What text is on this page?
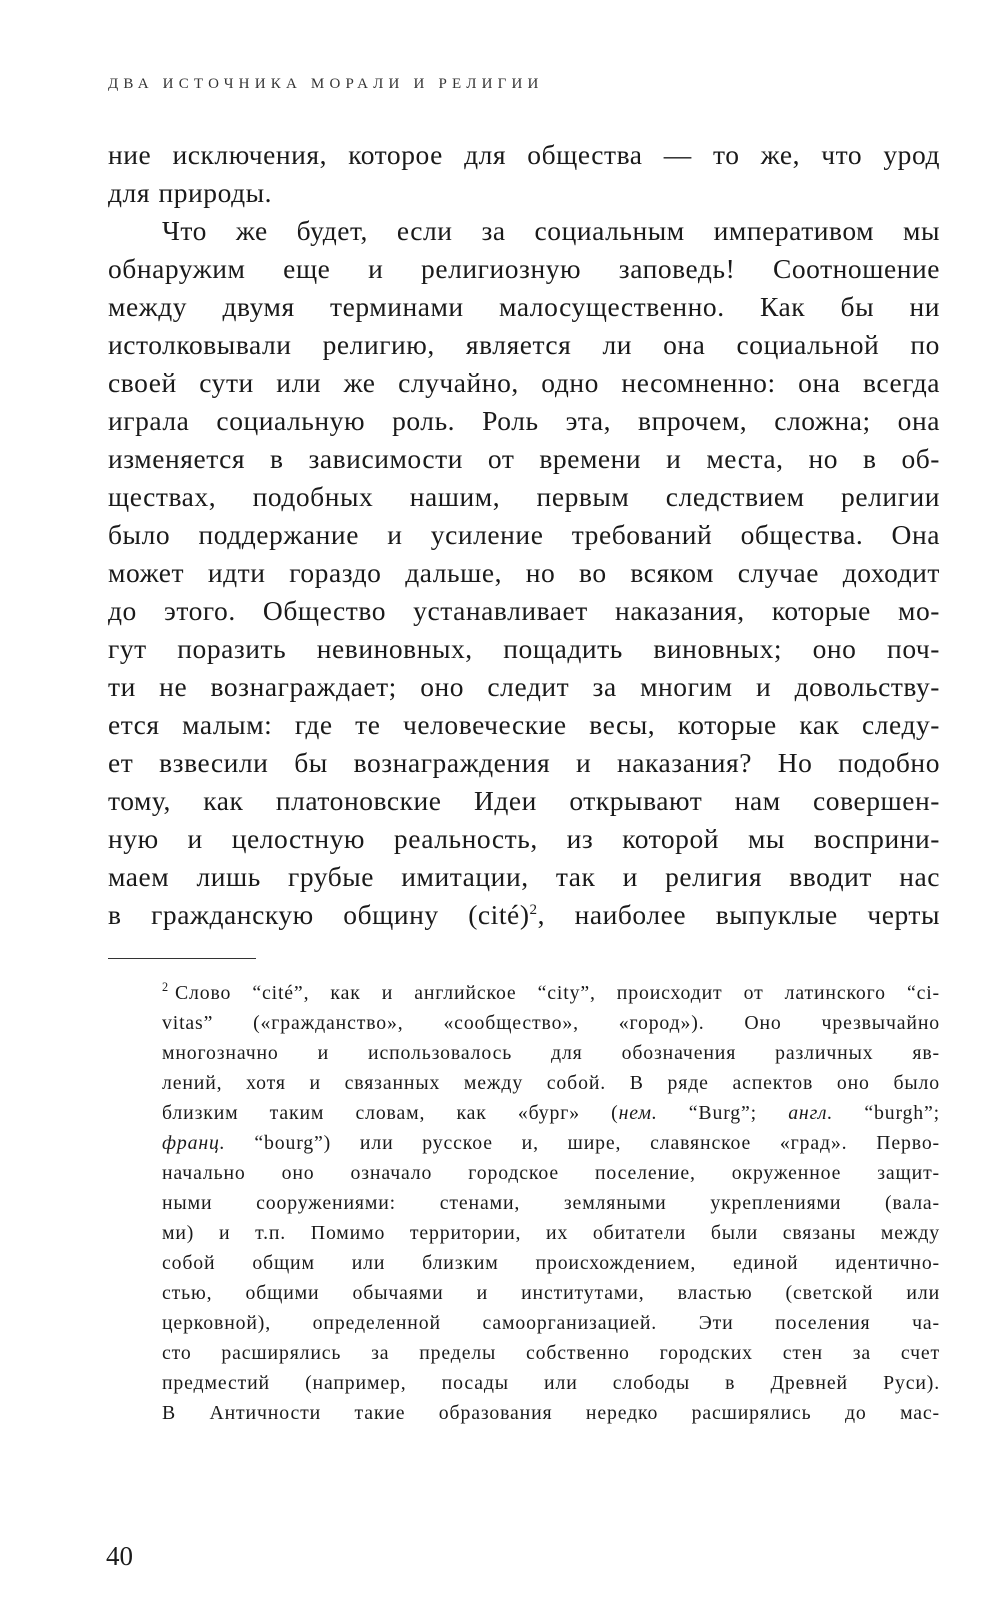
ДВА ИСТОЧНИКА МОРАЛИ И РЕЛИГИИ
ние исключения, которое для общества — то же, что урод
для природы.
Что же будет, если за социальным императивом мы
обнаружим еще и религиозную заповедь! Соотношение
между двумя терминами малосущественно. Как бы ни
истолковывали религию, является ли она социальной по
своей сути или же случайно, одно несомненно: она всегда
играла социальную роль. Роль эта, впрочем, сложна; она
изменяется в зависимости от времени и места, но в об-
ществах, подобных нашим, первым следствием религии
было поддержание и усиление требований общества. Она
может идти гораздо дальше, но во всяком случае доходит
до этого. Общество устанавливает наказания, которые мо-
гут поразить невиновных, пощадить виновных; оно поч-
ти не вознаграждает; оно следит за многим и довольству-
ется малым: где те человеческие весы, которые как следу-
ет взвесили бы вознаграждения и наказания? Но подобно
тому, как платоновские Идеи открывают нам совершен-
ную и целостную реальность, из которой мы восприни-
маем лишь грубые имитации, так и религия вводит нас
в гражданскую общину (cité)$^2$, наиболее выпуклые черты
$^2$ Слово “cité”, как и английское “city”, происходит от латинского “ci-
vitas” («гражданство», «сообщество», «город»). Оно чрезвычайно
многозначно и использовалось для обозначения различных яв-
лений, хотя и связанных между собой. В ряде аспектов оно было
близким таким словам, как «бург» (нем. “Burg”; англ. “burgh”;
франц. “bourg”) или русское и, шире, славянское «град». Перво-
начально оно означало городское поселение, окруженное защит-
ными сооружениями: стенами, земляными укреплениями (вала-
ми) и т.п. Помимо территории, их обитатели были связаны между
собой общим или близким происхождением, единой идентично-
стью, общими обычаями и институтами, властью (светской или
церковной), определенной самоорганизацией. Эти поселения ча-
сто расширялись за пределы собственно городских стен за счет
предместий (например, посады или слободы в Древней Руси).
В Античности такие образования нередко расширялись до мас-
40
